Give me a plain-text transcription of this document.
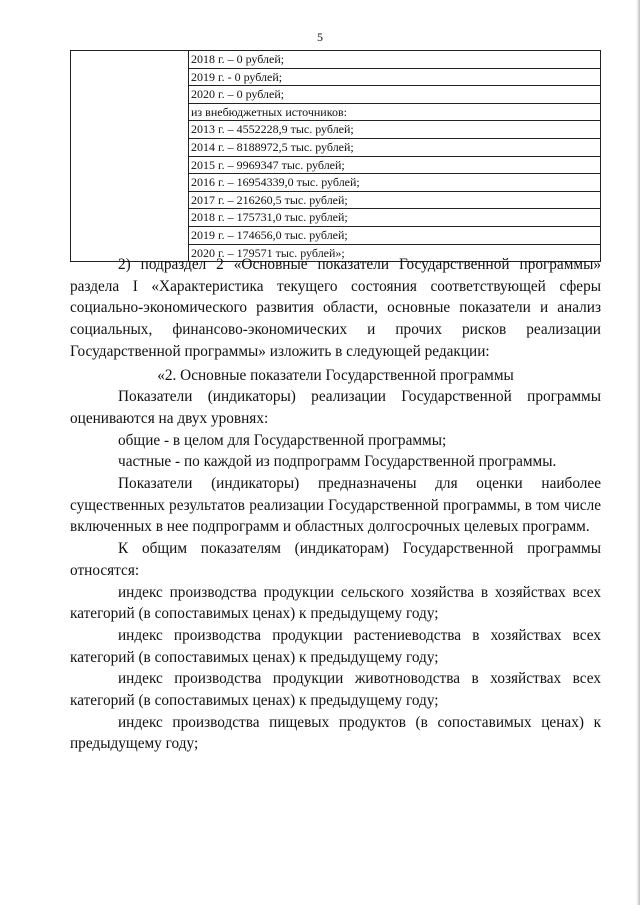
5

2018 г. – 0 рублей;
2019 г. - 0 рублей;
2020 г. – 0 рублей;
из внебюджетных источников:
2013 г. – 4552228,9 тыс. рублей;
2014 г. – 8188972,5 тыс. рублей;
2015 г. – 9969347 тыс. рублей;
2016 г. – 16954339,0 тыс. рублей;
2017 г. – 216260,5 тыс. рублей;
2018 г. – 175731,0 тыс. рублей;
2019 г. – 174656,0 тыс. рублей;
2020 г. – 179571 тыс. рублей»;

2) подраздел 2 «Основные показатели Государственной программы» раздела I «Характеристика текущего состояния соответствующей сферы социально-экономического развития области, основные показатели и анализ социальных, финансово-экономических и прочих рисков реализации Государственной программы» изложить в следующей редакции:

«2. Основные показатели Государственной программы

Показатели (индикаторы) реализации Государственной программы оцениваются на двух уровнях:

общие - в целом для Государственной программы;

частные - по каждой из подпрограмм Государственной программы.

Показатели (индикаторы) предназначены для оценки наиболее существенных результатов реализации Государственной программы, в том числе включенных в нее подпрограмм и областных долгосрочных целевых программ.

К общим показателям (индикаторам) Государственной программы относятся:

индекс производства продукции сельского хозяйства в хозяйствах всех категорий (в сопоставимых ценах) к предыдущему году;

индекс производства продукции растениеводства в хозяйствах всех категорий (в сопоставимых ценах) к предыдущему году;

индекс производства продукции животноводства в хозяйствах всех категорий (в сопоставимых ценах) к предыдущему году;

индекс производства пищевых продуктов (в сопоставимых ценах) к предыдущему году;
